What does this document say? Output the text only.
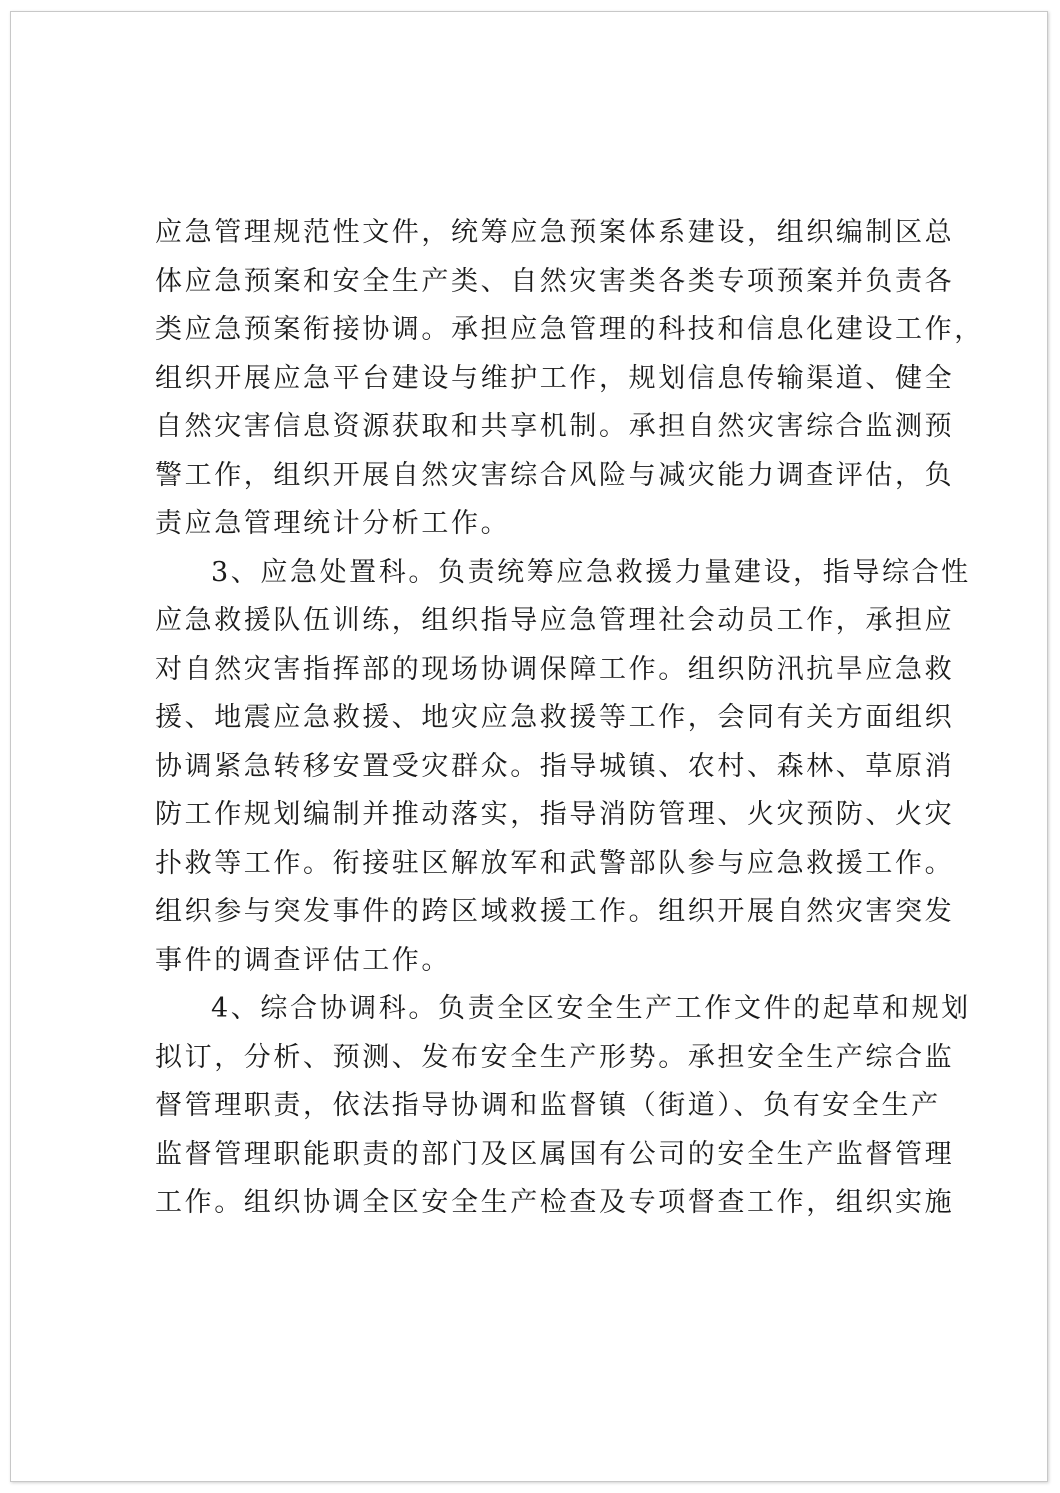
应急管理规范性文件，统筹应急预案体系建设，组织编制区总
体应急预案和安全生产类、自然灾害类各类专项预案并负责各
类应急预案衔接协调。承担应急管理的科技和信息化建设工作，
组织开展应急平台建设与维护工作，规划信息传输渠道、健全
自然灾害信息资源获取和共享机制。承担自然灾害综合监测预
警工作，组织开展自然灾害综合风险与减灾能力调查评估，负
责应急管理统计分析工作。
3、应急处置科。负责统筹应急救援力量建设，指导综合性
应急救援队伍训练，组织指导应急管理社会动员工作，承担应
对自然灾害指挥部的现场协调保障工作。组织防汛抗旱应急救
援、地震应急救援、地灾应急救援等工作，会同有关方面组织
协调紧急转移安置受灾群众。指导城镇、农村、森林、草原消
防工作规划编制并推动落实，指导消防管理、火灾预防、火灾
扑救等工作。衔接驻区解放军和武警部队参与应急救援工作。
组织参与突发事件的跨区域救援工作。组织开展自然灾害突发
事件的调查评估工作。
4、综合协调科。负责全区安全生产工作文件的起草和规划
拟订，分析、预测、发布安全生产形势。承担安全生产综合监
督管理职责，依法指导协调和监督镇（街道）、负有安全生产
监督管理职能职责的部门及区属国有公司的安全生产监督管理
工作。组织协调全区安全生产检查及专项督查工作，组织实施
